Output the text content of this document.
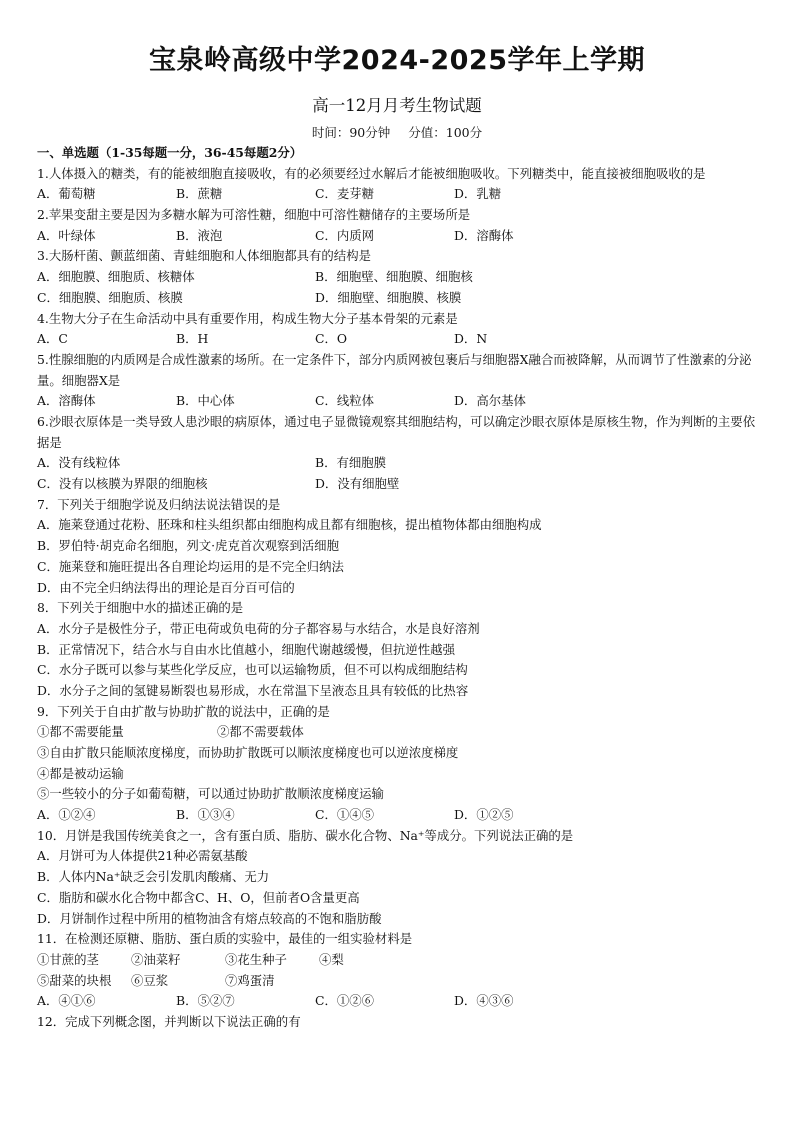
宝泉岭高级中学2024-2025学年上学期
高一12月月考生物试题
时间：90分钟 分值：100分
一、单选题（1-35每题一分，36-45每题2分）
1.人体摄入的糖类，有的能被细胞直接吸收，有的必须要经过水解后才能被细胞吸收。下列糖类中，能直接被细胞吸收的是
A．葡萄糖	B．蔗糖	C．麦芽糖	D．乳糖
2.苹果变甜主要是因为多糖水解为可溶性糖，细胞中可溶性糖储存的主要场所是
A．叶绿体	B．液泡	C．内质网	D．溶酶体
3.大肠杆菌、颤蓝细菌、青蛙细胞和人体细胞都具有的结构是
A．细胞膜、细胞质、核糖体	B．细胞壁、细胞膜、细胞核
C．细胞膜、细胞质、核膜	D．细胞壁、细胞膜、核膜
4.生物大分子在生命活动中具有重要作用，构成生物大分子基本骨架的元素是
A．C	B．H	C．O	D．N
5.性腺细胞的内质网是合成性激素的场所。在一定条件下，部分内质网被包裹后与细胞器X融合而被降解，从而调节了性激素的分泌量。细胞器X是
A．溶酶体	B．中心体	C．线粒体	D．高尔基体
6.沙眼衣原体是一类导致人患沙眼的病原体，通过电子显微镜观察其细胞结构，可以确定沙眼衣原体是原核生物，作为判断的主要依据是
A．没有线粒体	B．有细胞膜
C．没有以核膜为界限的细胞核	D．没有细胞壁
7．下列关于细胞学说及归纳法说法错误的是
A．施莱登通过花粉、胚珠和柱头组织都由细胞构成且都有细胞核，提出植物体都由细胞构成
B．罗伯特·胡克命名细胞，列文·虎克首次观察到活细胞
C．施莱登和施旺提出各自理论均运用的是不完全归纳法
D．由不完全归纳法得出的理论是百分百可信的
8．下列关于细胞中水的描述正确的是
A．水分子是极性分子，带正电荷或负电荷的分子都容易与水结合，水是良好溶剂
B．正常情况下，结合水与自由水比值越小，细胞代谢越缓慢，但抗逆性越强
C．水分子既可以参与某些化学反应，也可以运输物质，但不可以构成细胞结构
D．水分子之间的氢键易断裂也易形成，水在常温下呈液态且具有较低的比热容
9．下列关于自由扩散与协助扩散的说法中，正确的是
①都不需要能量	②都不需要载体
③自由扩散只能顺浓度梯度，而协助扩散既可以顺浓度梯度也可以逆浓度梯度
④都是被动运输
⑤一些较小的分子如葡萄糖，可以通过协助扩散顺浓度梯度运输
A．①②④	B．①③④	C．①④⑤	D．①②⑤
10．月饼是我国传统美食之一，含有蛋白质、脂肪、碳水化合物、Na⁺等成分。下列说法正确的是
A．月饼可为人体提供21种必需氨基酸
B．人体内Na⁺缺乏会引发肌肉酸痛、无力
C．脂肪和碳水化合物中都含C、H、O，但前者O含量更高
D．月饼制作过程中所用的植物油含有熔点较高的不饱和脂肪酸
11．在检测还原糖、脂肪、蛋白质的实验中，最佳的一组实验材料是
①甘蔗的茎	②油菜籽	③花生种子	④梨
⑤甜菜的块根	⑥豆浆	⑦鸡蛋清
A．④①⑥	B．⑤②⑦	C．①②⑥	D．④③⑥
12．完成下列概念图，并判断以下说法正确的有
